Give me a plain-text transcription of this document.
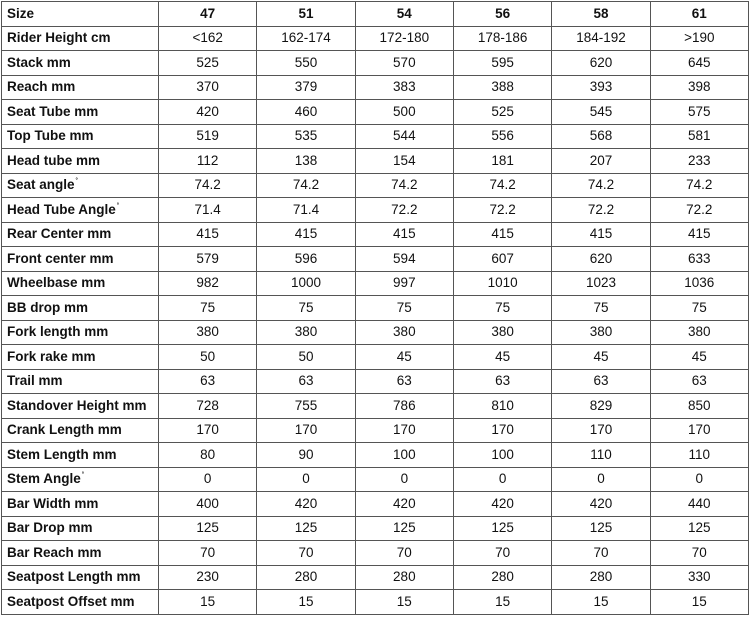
Size	47	51	54	56	58	61
Rider Height cm	<162	162-174	172-180	178-186	184-192	>190
Stack mm	525	550	570	595	620	645
Reach mm	370	379	383	388	393	398
Seat Tube mm	420	460	500	525	545	575
Top Tube mm	519	535	544	556	568	581
Head tube mm	112	138	154	181	207	233
Seat angle°	74.2	74.2	74.2	74.2	74.2	74.2
Head Tube Angle°	71.4	71.4	72.2	72.2	72.2	72.2
Rear Center mm	415	415	415	415	415	415
Front center mm	579	596	594	607	620	633
Wheelbase mm	982	1000	997	1010	1023	1036
BB drop mm	75	75	75	75	75	75
Fork length mm	380	380	380	380	380	380
Fork rake mm	50	50	45	45	45	45
Trail mm	63	63	63	63	63	63
Standover Height mm	728	755	786	810	829	850
Crank Length mm	170	170	170	170	170	170
Stem Length mm	80	90	100	100	110	110
Stem Angle°	0	0	0	0	0	0
Bar Width mm	400	420	420	420	420	440
Bar Drop mm	125	125	125	125	125	125
Bar Reach mm	70	70	70	70	70	70
Seatpost Length mm	230	280	280	280	280	330
Seatpost Offset mm	15	15	15	15	15	15
